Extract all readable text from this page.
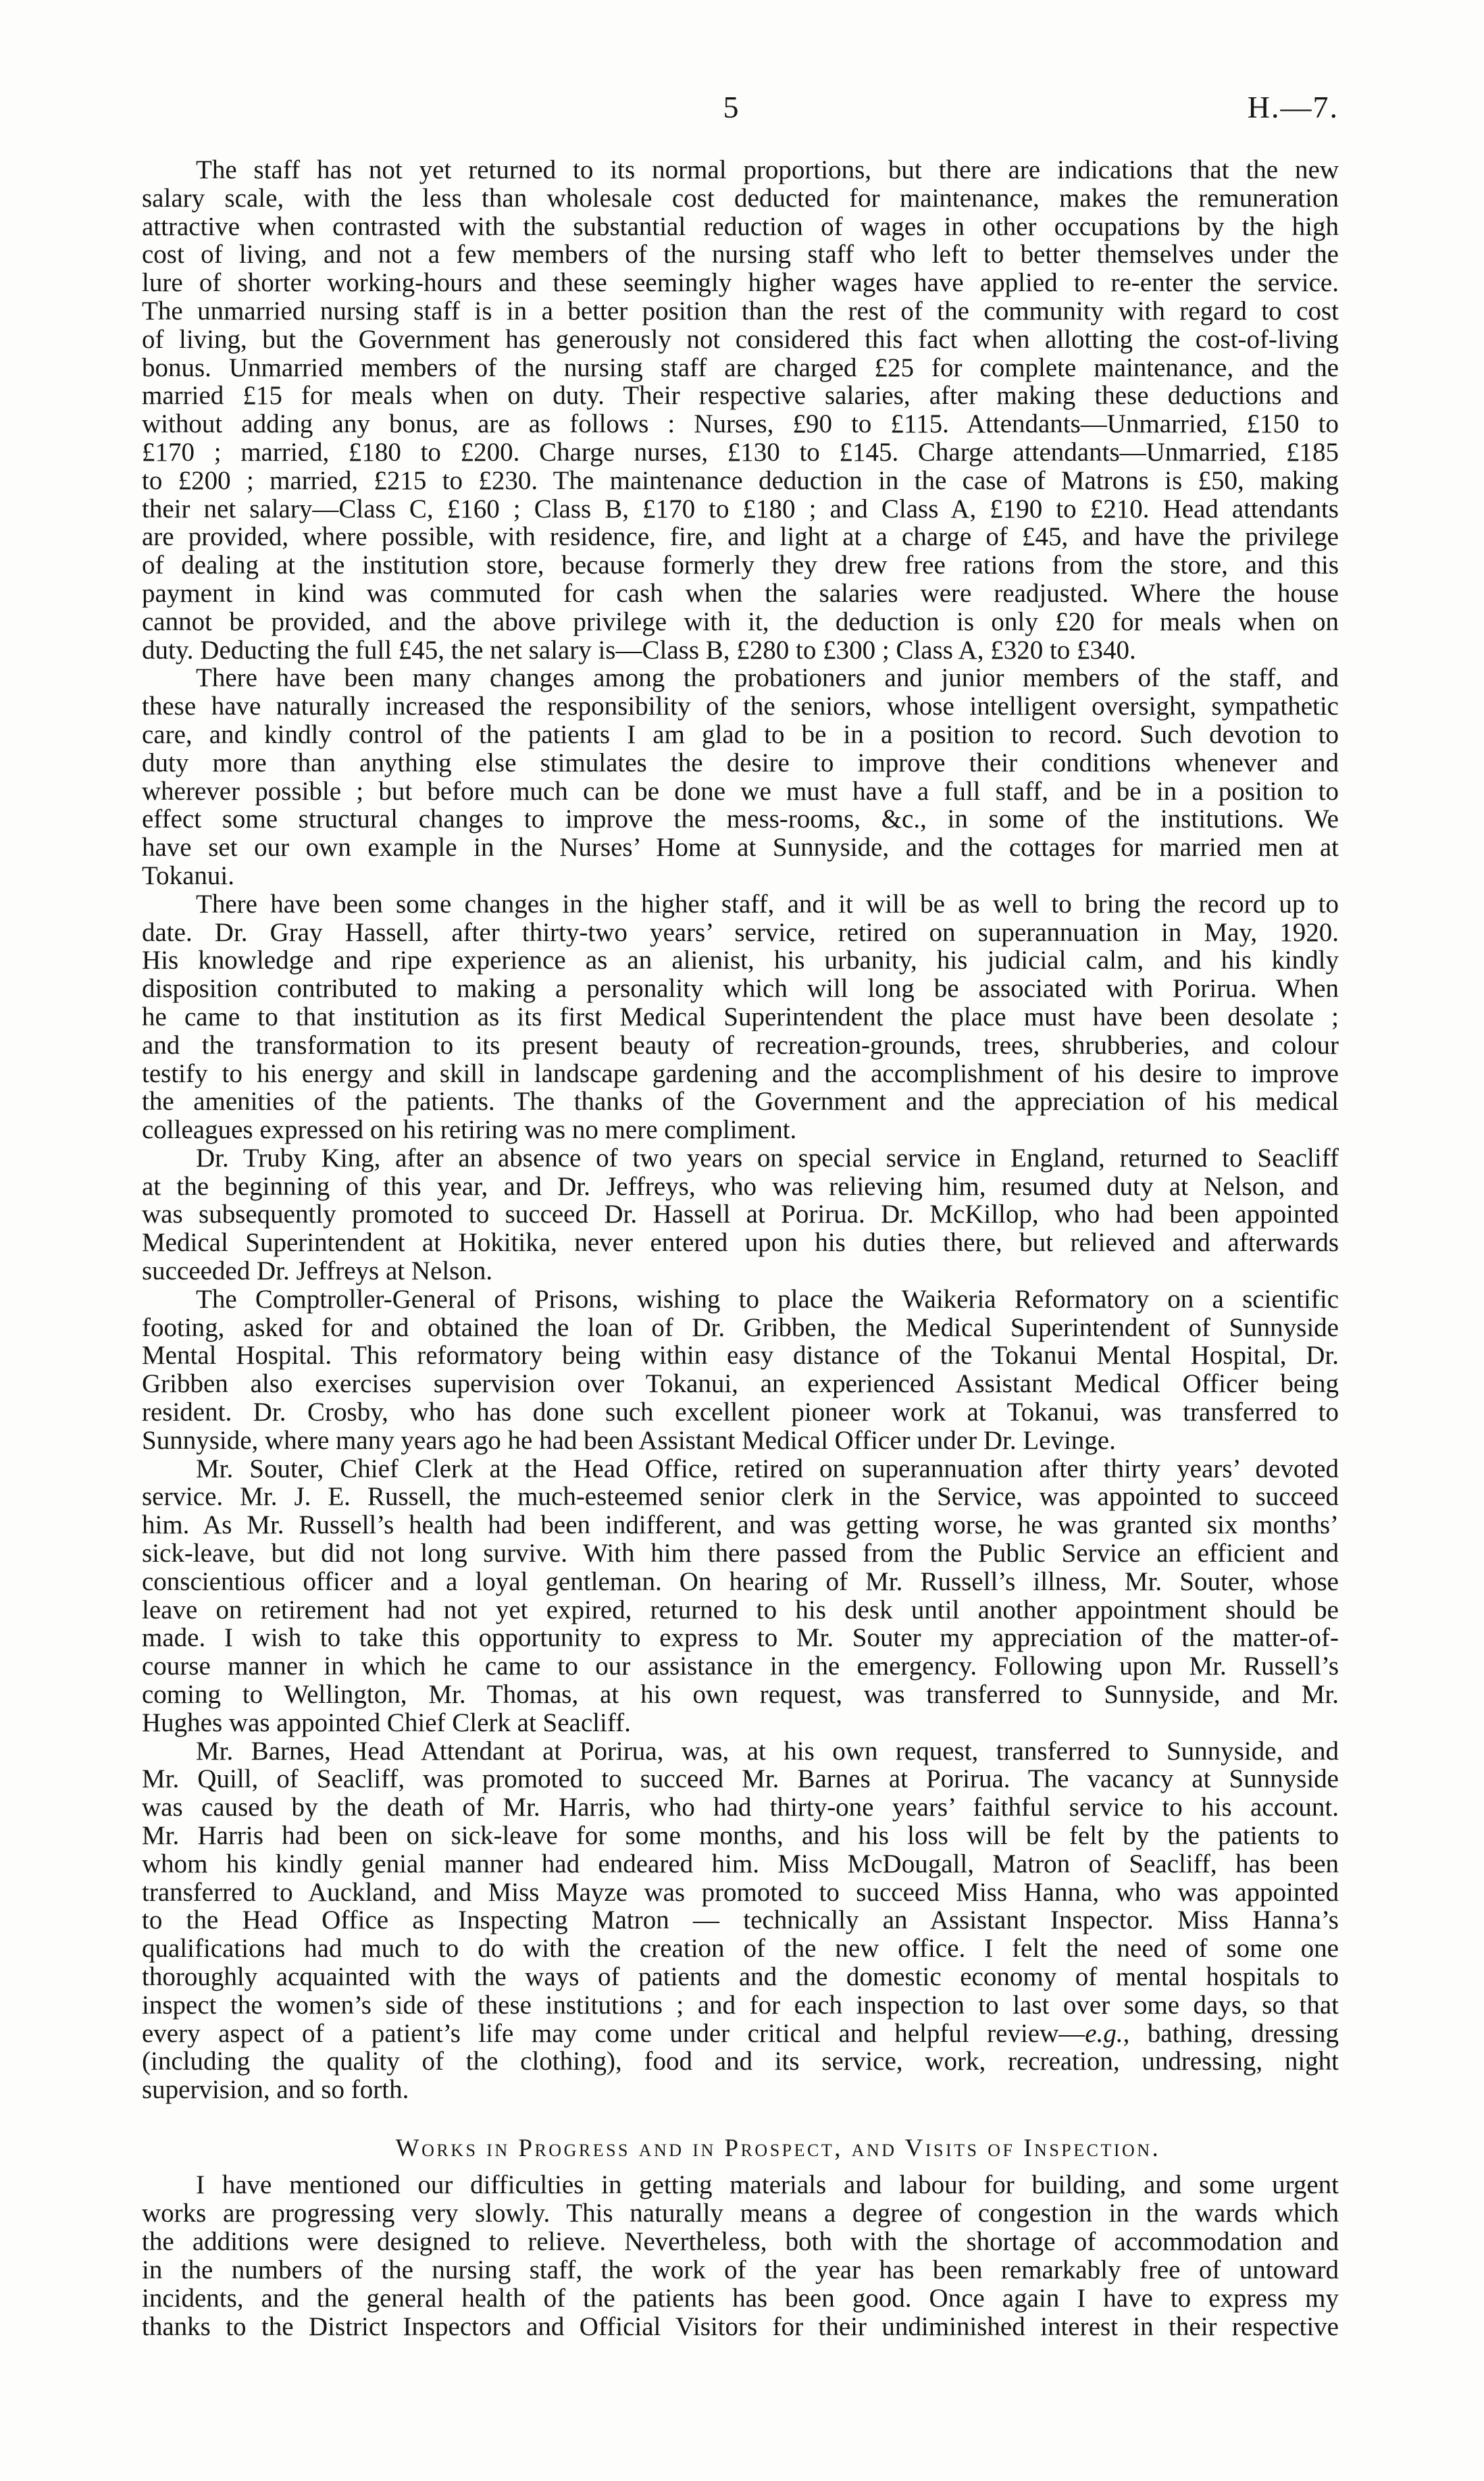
5	H.—7.
The staff has not yet returned to its normal proportions, but there are indications that the new
salary scale, with the less than wholesale cost deducted for maintenance, makes the remuneration
attractive when contrasted with the substantial reduction of wages in other occupations by the high
cost of living, and not a few members of the nursing staff who left to better themselves under the
lure of shorter working-hours and these seemingly higher wages have applied to re-enter the service.
The unmarried nursing staff is in a better position than the rest of the community with regard to cost
of living, but the Government has generously not considered this fact when allotting the cost-of-living
bonus. Unmarried members of the nursing staff are charged £25 for complete maintenance, and the
married £15 for meals when on duty. Their respective salaries, after making these deductions and
without adding any bonus, are as follows : Nurses, £90 to £115. Attendants—Unmarried, £150 to
£170 ; married, £180 to £200. Charge nurses, £130 to £145. Charge attendants—Unmarried, £185
to £200 ; married, £215 to £230. The maintenance deduction in the case of Matrons is £50, making
their net salary—Class C, £160 ; Class B, £170 to £180 ; and Class A, £190 to £210. Head attendants
are provided, where possible, with residence, fire, and light at a charge of £45, and have the privilege
of dealing at the institution store, because formerly they drew free rations from the store, and this
payment in kind was commuted for cash when the salaries were readjusted. Where the house
cannot be provided, and the above privilege with it, the deduction is only £20 for meals when on
duty. Deducting the full £45, the net salary is—Class B, £280 to £300 ; Class A, £320 to £340.
There have been many changes among the probationers and junior members of the staff, and
these have naturally increased the responsibility of the seniors, whose intelligent oversight, sympathetic
care, and kindly control of the patients I am glad to be in a position to record. Such devotion to
duty more than anything else stimulates the desire to improve their conditions whenever and
wherever possible ; but before much can be done we must have a full staff, and be in a position to
effect some structural changes to improve the mess-rooms, &c., in some of the institutions. We
have set our own example in the Nurses’ Home at Sunnyside, and the cottages for married men at
Tokanui.
There have been some changes in the higher staff, and it will be as well to bring the record up to
date. Dr. Gray Hassell, after thirty-two years’ service, retired on superannuation in May, 1920.
His knowledge and ripe experience as an alienist, his urbanity, his judicial calm, and his kindly
disposition contributed to making a personality which will long be associated with Porirua. When
he came to that institution as its first Medical Superintendent the place must have been desolate ;
and the transformation to its present beauty of recreation-grounds, trees, shrubberies, and colour
testify to his energy and skill in landscape gardening and the accomplishment of his desire to improve
the amenities of the patients. The thanks of the Government and the appreciation of his medical
colleagues expressed on his retiring was no mere compliment.
Dr. Truby King, after an absence of two years on special service in England, returned to Seacliff
at the beginning of this year, and Dr. Jeffreys, who was relieving him, resumed duty at Nelson, and
was subsequently promoted to succeed Dr. Hassell at Porirua. Dr. McKillop, who had been appointed
Medical Superintendent at Hokitika, never entered upon his duties there, but relieved and afterwards
succeeded Dr. Jeffreys at Nelson.
The Comptroller-General of Prisons, wishing to place the Waikeria Reformatory on a scientific
footing, asked for and obtained the loan of Dr. Gribben, the Medical Superintendent of Sunnyside
Mental Hospital. This reformatory being within easy distance of the Tokanui Mental Hospital, Dr.
Gribben also exercises supervision over Tokanui, an experienced Assistant Medical Officer being
resident. Dr. Crosby, who has done such excellent pioneer work at Tokanui, was transferred to
Sunnyside, where many years ago he had been Assistant Medical Officer under Dr. Levinge.
Mr. Souter, Chief Clerk at the Head Office, retired on superannuation after thirty years’ devoted
service. Mr. J. E. Russell, the much-esteemed senior clerk in the Service, was appointed to succeed
him. As Mr. Russell’s health had been indifferent, and was getting worse, he was granted six months’
sick-leave, but did not long survive. With him there passed from the Public Service an efficient and
conscientious officer and a loyal gentleman. On hearing of Mr. Russell’s illness, Mr. Souter, whose
leave on retirement had not yet expired, returned to his desk until another appointment should be
made. I wish to take this opportunity to express to Mr. Souter my appreciation of the matter-of-
course manner in which he came to our assistance in the emergency. Following upon Mr. Russell’s
coming to Wellington, Mr. Thomas, at his own request, was transferred to Sunnyside, and Mr.
Hughes was appointed Chief Clerk at Seacliff.
Mr. Barnes, Head Attendant at Porirua, was, at his own request, transferred to Sunnyside, and
Mr. Quill, of Seacliff, was promoted to succeed Mr. Barnes at Porirua. The vacancy at Sunnyside
was caused by the death of Mr. Harris, who had thirty-one years’ faithful service to his account.
Mr. Harris had been on sick-leave for some months, and his loss will be felt by the patients to
whom his kindly genial manner had endeared him. Miss McDougall, Matron of Seacliff, has been
transferred to Auckland, and Miss Mayze was promoted to succeed Miss Hanna, who was appointed
to the Head Office as Inspecting Matron — technically an Assistant Inspector. Miss Hanna’s
qualifications had much to do with the creation of the new office. I felt the need of some one
thoroughly acquainted with the ways of patients and the domestic economy of mental hospitals to
inspect the women’s side of these institutions ; and for each inspection to last over some days, so that
every aspect of a patient’s life may come under critical and helpful review—e.g., bathing, dressing
(including the quality of the clothing), food and its service, work, recreation, undressing, night
supervision, and so forth.
Works in Progress and in Prospect, and Visits of Inspection.
I have mentioned our difficulties in getting materials and labour for building, and some urgent
works are progressing very slowly. This naturally means a degree of congestion in the wards which
the additions were designed to relieve. Nevertheless, both with the shortage of accommodation and
in the numbers of the nursing staff, the work of the year has been remarkably free of untoward
incidents, and the general health of the patients has been good. Once again I have to express my
thanks to the District Inspectors and Official Visitors for their undiminished interest in their respective
